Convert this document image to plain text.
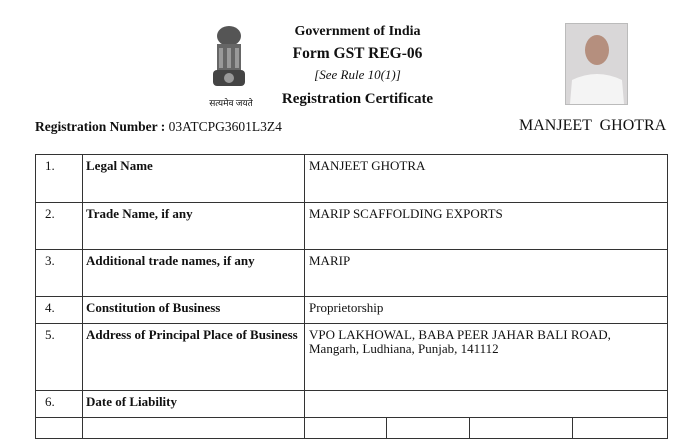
सत्यमेव जयते
Government of India
Form GST REG-06
[See Rule 10(1)]
Registration Certificate
Registration Number : 03ATCPG3601L3Z4	MANJEET  GHOTRA
1.	Legal Name	MANJEET GHOTRA
2.	Trade Name, if any	MARIP SCAFFOLDING EXPORTS
3.	Additional trade names, if any	MARIP
4.	Constitution of Business	Proprietorship
5.	Address of Principal Place of Business	VPO LAKHOWAL, BABA PEER JAHAR BALI ROAD,
Mangarh, Ludhiana, Punjab, 141112

6.	Date of Liability	
